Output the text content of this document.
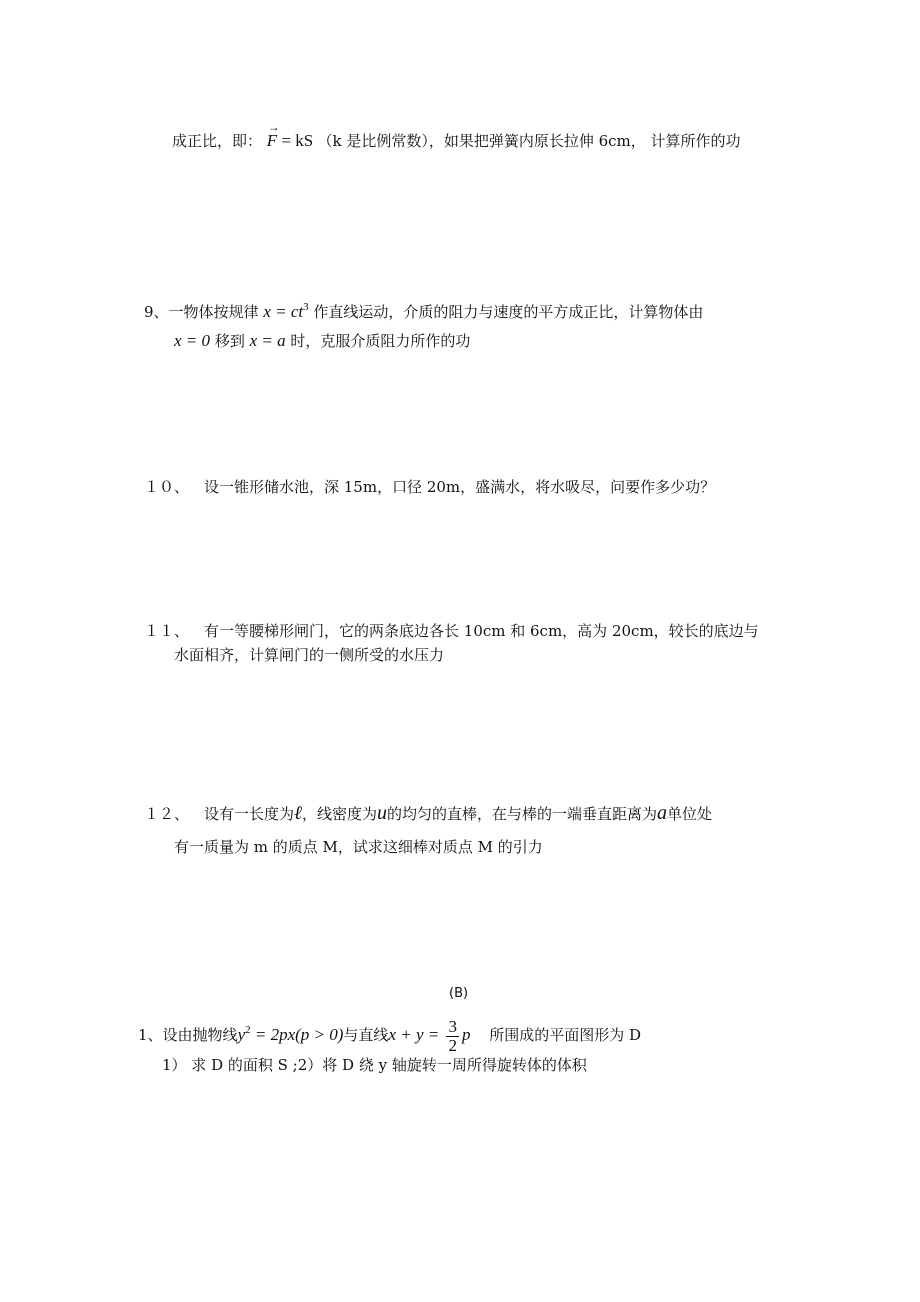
成正比，即：
→
F = kS （k 是比例常数），如果把弹簧内原长拉伸 6cm， 计算所作的功
9、一物体按规律 $x = ct^3$ 作直线运动，介质的阻力与速度的平方成正比，计算物体由
x = 0 移到 x = a 时，克服介质阻力所作的功
１０、 设一锥形储水池，深 15m，口径 20m，盛满水，将水吸尽，问要作多少功？
１１、 有一等腰梯形闸门，它的两条底边各长 10cm 和 6cm，高为 20cm，较长的底边与
水面相齐，计算闸门的一侧所受的水压力
１２、 设有一长度为ℓ，线密度为u的均匀的直棒，在与棒的一端垂直距离为a单位处
有一质量为 m 的质点 M，试求这细棒对质点 M 的引力
(B)
1、设由抛物线$y^2 = 2px(p > 0)$与直线$x + y = \frac{3}{2}$ p 所围成的平面图形为 D
1） 求 D 的面积 S ;2）将 D 绕 y 轴旋转一周所得旋转体的体积
